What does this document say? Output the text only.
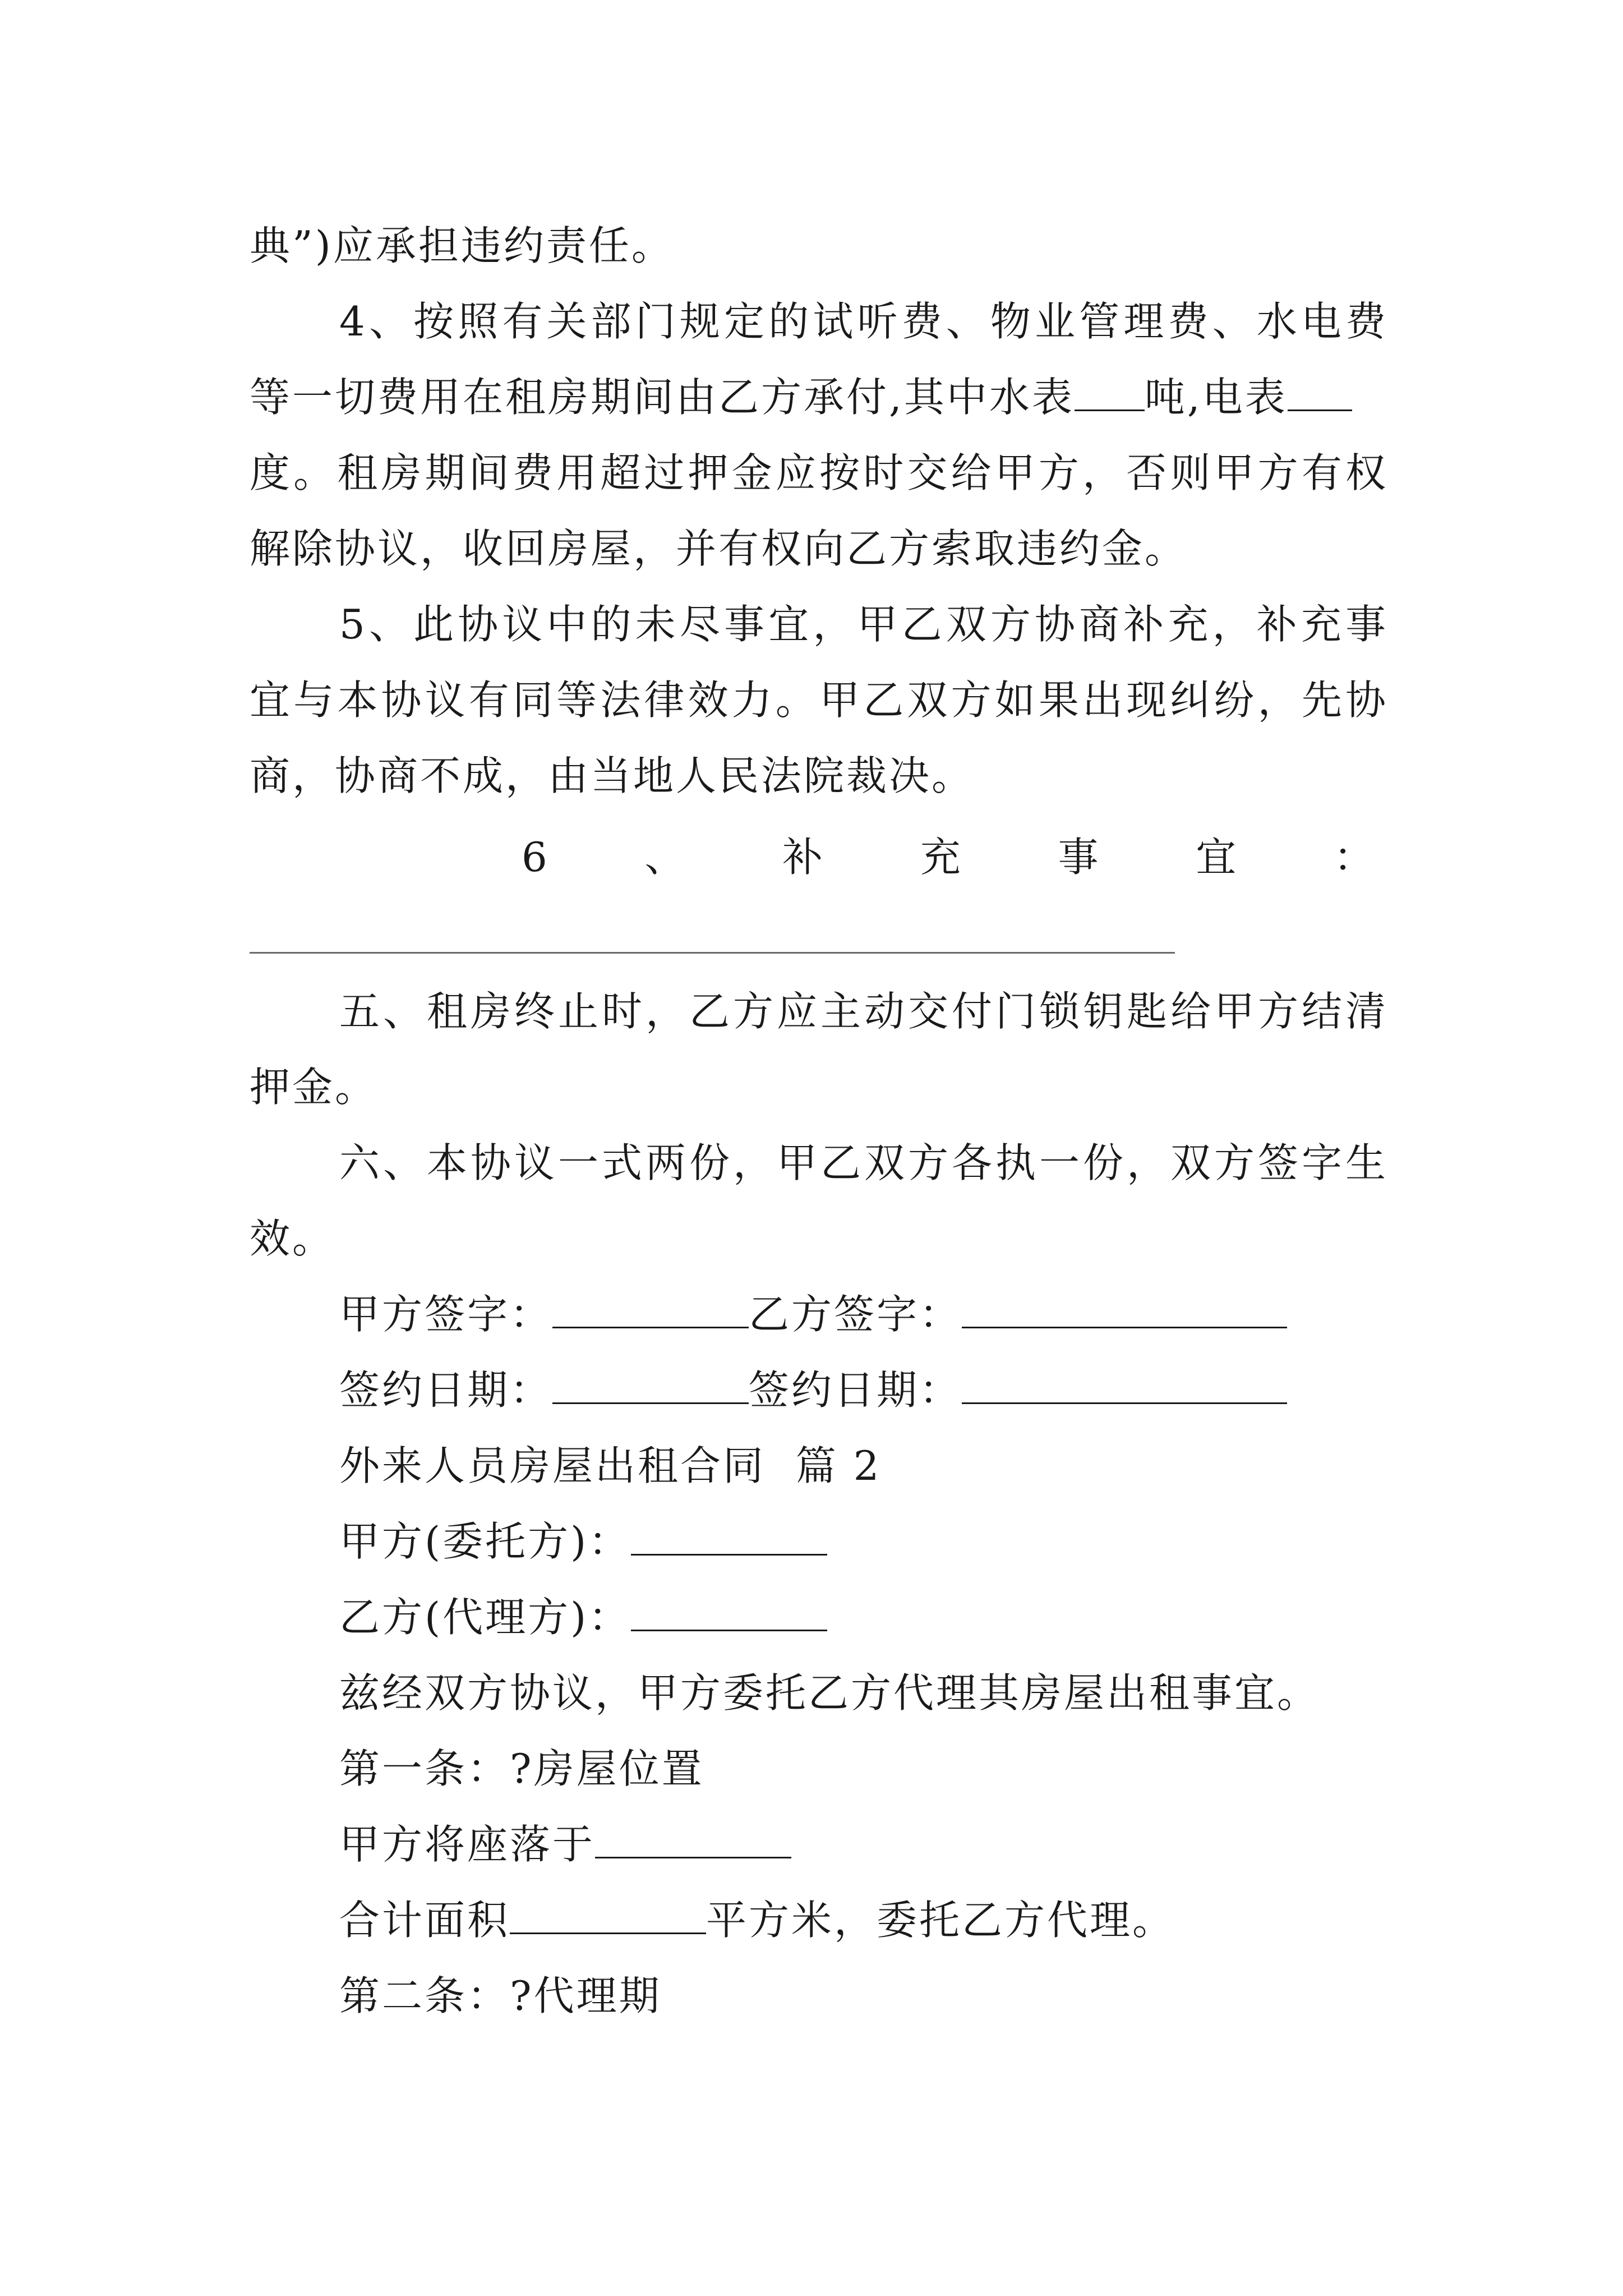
典”)应承担违约责任。
4、按照有关部门规定的试听费、物业管理费、水电费
等一切费用在租房期间由乙方承付,其中水表 吨,电表
度。租房期间费用超过押金应按时交给甲方，否则甲方有权
解除协议，收回房屋，并有权向乙方索取违约金。
5、此协议中的未尽事宜，甲乙双方协商补充，补充事
宜与本协议有同等法律效力。甲乙双方如果出现纠纷，先协
商，协商不成，由当地人民法院裁决。
6 、 补 充 事 宜 ：
五、租房终止时，乙方应主动交付门锁钥匙给甲方结清
押金。
六、本协议一式两份，甲乙双方各执一份，双方签字生
效。
甲方签字：	乙方签字：
签约日期：	签约日期：
外来人员房屋出租合同  篇 2
甲方(委托方)：
乙方(代理方)：
兹经双方协议，甲方委托乙方代理其房屋出租事宜。
第一条：?房屋位置
甲方将座落于
合计面积	平方米，委托乙方代理。
第二条：?代理期
